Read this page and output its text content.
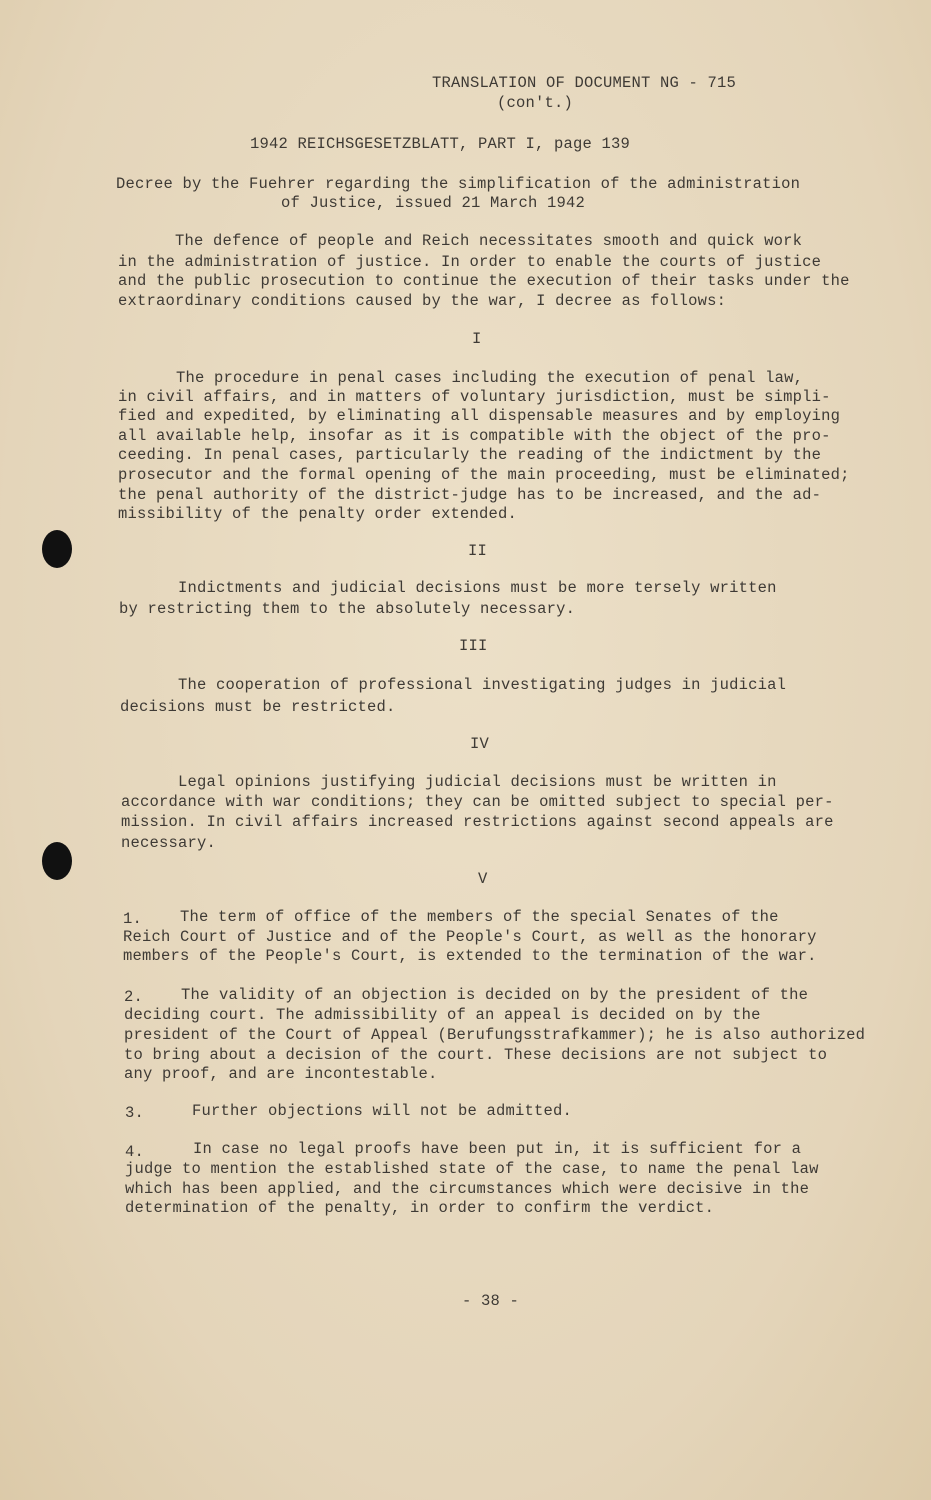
TRANSLATION OF DOCUMENT NG - 715
(con't.)
1942 REICHSGESETZBLATT, PART I, page 139
Decree by the Fuehrer regarding the simplification of the administration
of Justice, issued 21 March 1942
The defence of people and Reich necessitates smooth and quick work
in the administration of justice. In order to enable the courts of justice
and the public prosecution to continue the execution of their tasks under the
extraordinary conditions caused by the war, I decree as follows:
I
The procedure in penal cases including the execution of penal law,
in civil affairs, and in matters of voluntary jurisdiction, must be simpli-
fied and expedited, by eliminating all dispensable measures and by employing
all available help, insofar as it is compatible with the object of the pro-
ceeding. In penal cases, particularly the reading of the indictment by the
prosecutor and the formal opening of the main proceeding, must be eliminated;
the penal authority of the district-judge has to be increased, and the ad-
missibility of the penalty order extended.
II
Indictments and judicial decisions must be more tersely written
by restricting them to the absolutely necessary.
III
The cooperation of professional investigating judges in judicial
decisions must be restricted.
IV
Legal opinions justifying judicial decisions must be written in
accordance with war conditions; they can be omitted subject to special per-
mission. In civil affairs increased restrictions against second appeals are
necessary.
V
1. The term of office of the members of the special Senates of the
Reich Court of Justice and of the People's Court, as well as the honorary
members of the People's Court, is extended to the termination of the war.
2. The validity of an objection is decided on by the president of the
deciding court. The admissibility of an appeal is decided on by the
president of the Court of Appeal (Berufungsstrafkammer); he is also authorized
to bring about a decision of the court. These decisions are not subject to
any proof, and are incontestable.
3.	Further objections will not be admitted.
4.	In case no legal proofs have been put in, it is sufficient for a
judge to mention the established state of the case, to name the penal law
which has been applied, and the circumstances which were decisive in the
determination of the penalty, in order to confirm the verdict.
- 38 -
